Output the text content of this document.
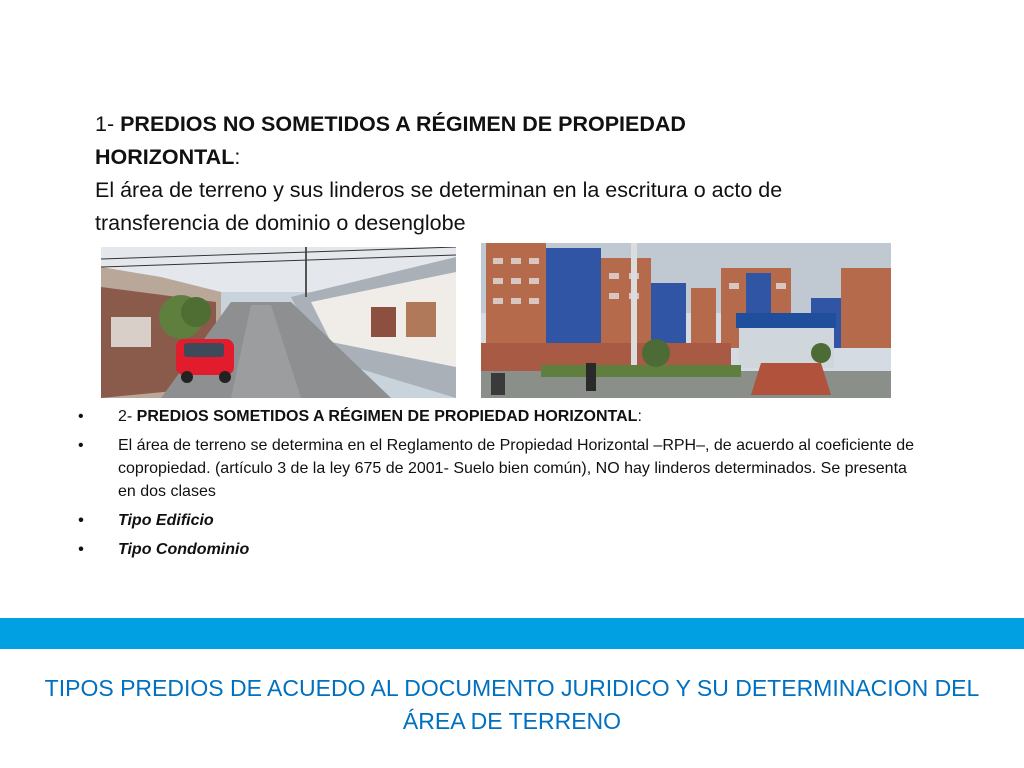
1- PREDIOS NO SOMETIDOS A RÉGIMEN DE PROPIEDAD
HORIZONTAL:
El área de terreno y sus linderos se determinan en la escritura o acto de transferencia de dominio o desenglobe
• 2- PREDIOS SOMETIDOS A RÉGIMEN DE PROPIEDAD HORIZONTAL:
• El área de terreno se determina en el Reglamento de Propiedad Horizontal –RPH–, de acuerdo al coeficiente de copropiedad. (artículo 3 de la ley 675 de 2001- Suelo bien común), NO hay linderos determinados. Se presenta en dos clases
• Tipo Edificio
• Tipo Condominio
TIPOS PREDIOS DE ACUEDO AL DOCUMENTO JURIDICO Y SU DETERMINACION DEL ÁREA DE TERRENO
